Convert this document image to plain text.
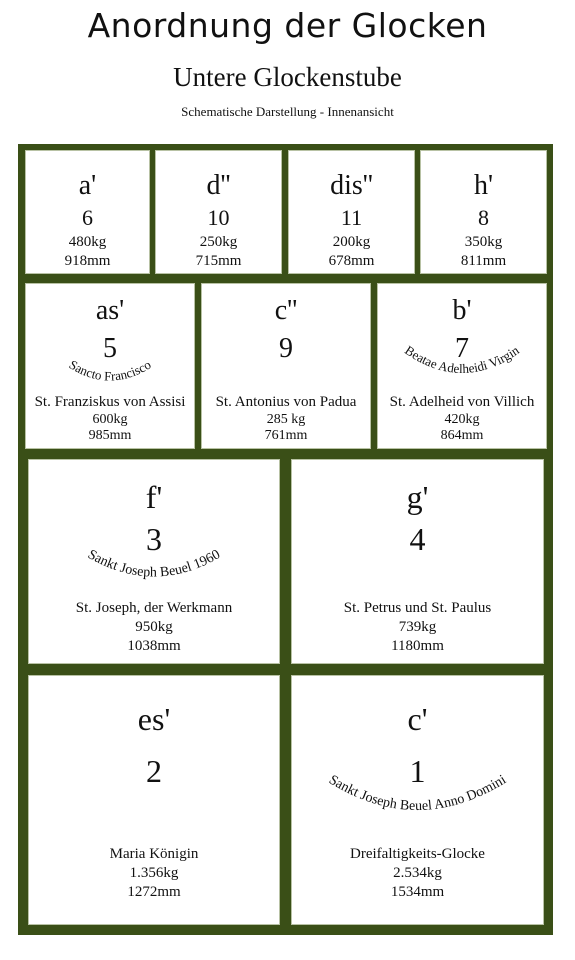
Anordnung der Glocken
Untere Glockenstube
Schematische Darstellung - Innenansicht
a'
6
480kg
918mm
d''
10
250kg
715mm
dis''
11
200kg
678mm
h'
8
350kg
811mm
as'
5
Sancto Francisco
St. Franziskus von Assisi
600kg
985mm
c''
9
St. Antonius von Padua
285 kg
761mm
b'
7
Beatae Adelheidi Virgin
St. Adelheid von Villich
420kg
864mm
f'
3
Sankt Joseph Beuel 1960
St. Joseph, der Werkmann
950kg
1038mm
g'
4
St. Petrus und St. Paulus
739kg
1180mm
es'
2
Maria Königin
1.356kg
1272mm
c'
1
Sankt Joseph Beuel Anno Domini
Dreifaltigkeits-Glocke
2.534kg
1534mm
